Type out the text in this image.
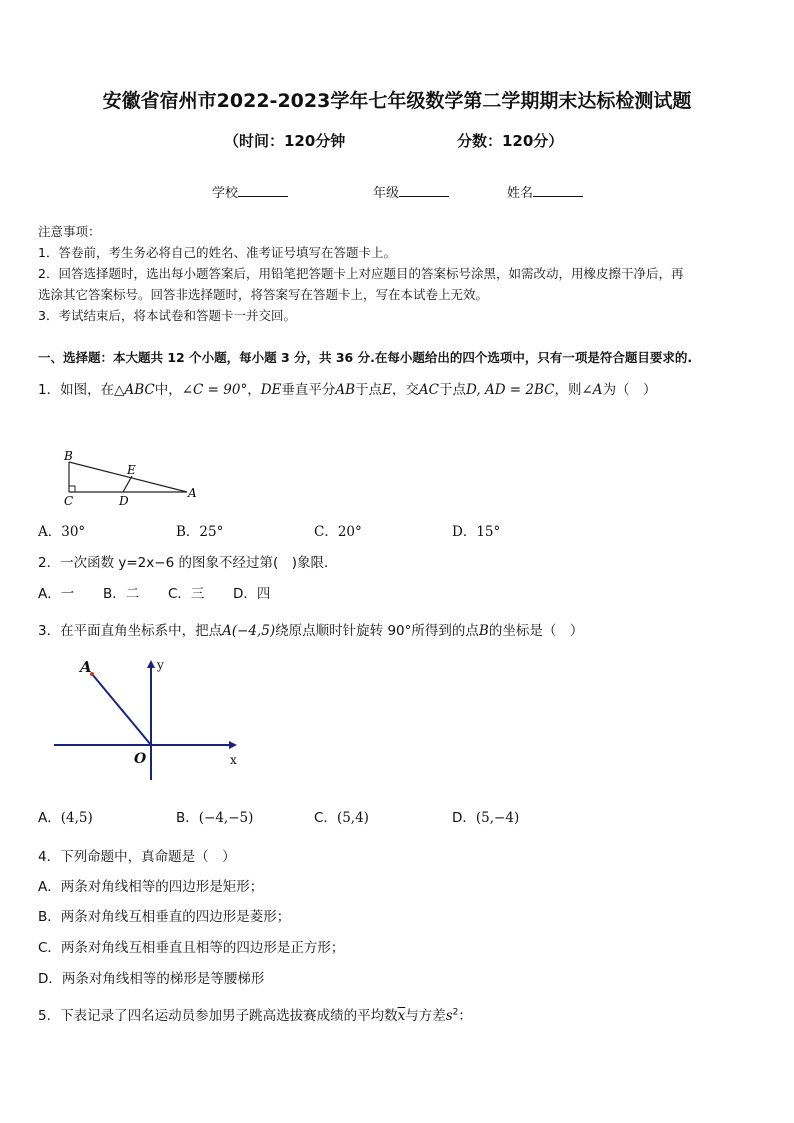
安徽省宿州市2022-2023学年七年级数学第二学期期末达标检测试题
（时间：120分钟	分数：120分）
学校	年级	姓名
注意事项：
1．答卷前，考生务必将自己的姓名、准考证号填写在答题卡上。
2．回答选择题时，选出每小题答案后，用铅笔把答题卡上对应题目的答案标号涂黑，如需改动，用橡皮擦干净后，再
选涂其它答案标号。回答非选择题时，将答案写在答题卡上，写在本试卷上无效。
3．考试结束后，将本试卷和答题卡一并交回。
一、选择题：本大题共 12 个小题，每小题 3 分，共 36 分.在每小题给出的四个选项中，只有一项是符合题目要求的.
1．如图，在△ABC中，∠C = 90°，DE垂直平分AB于点E，交AC于点D, AD = 2BC，则∠A为（　）
B
E
C	D
A
A．30°	B．25°	C．20°	D．15°
2．一次函数 y=2x−6 的图象不经过第(　)象限．
A．一 B．二 C．三 D．四
3．在平面直角坐标系中，把点A(−4,5)绕原点顺时针旋转 90°所得到的点B的坐标是（　）
A	y
O	x
A．(4,5)	B．(−4,−5)	C．(5,4)	D．(5,−4)
4．下列命题中，真命题是（　）
A．两条对角线相等的四边形是矩形；
B．两条对角线互相垂直的四边形是菱形；
C．两条对角线互相垂直且相等的四边形是正方形；
D．两条对角线相等的梯形是等腰梯形
5．下表记录了四名运动员参加男子跳高选拔赛成绩的平均数$\overline{x}$与方差$s^2$：
